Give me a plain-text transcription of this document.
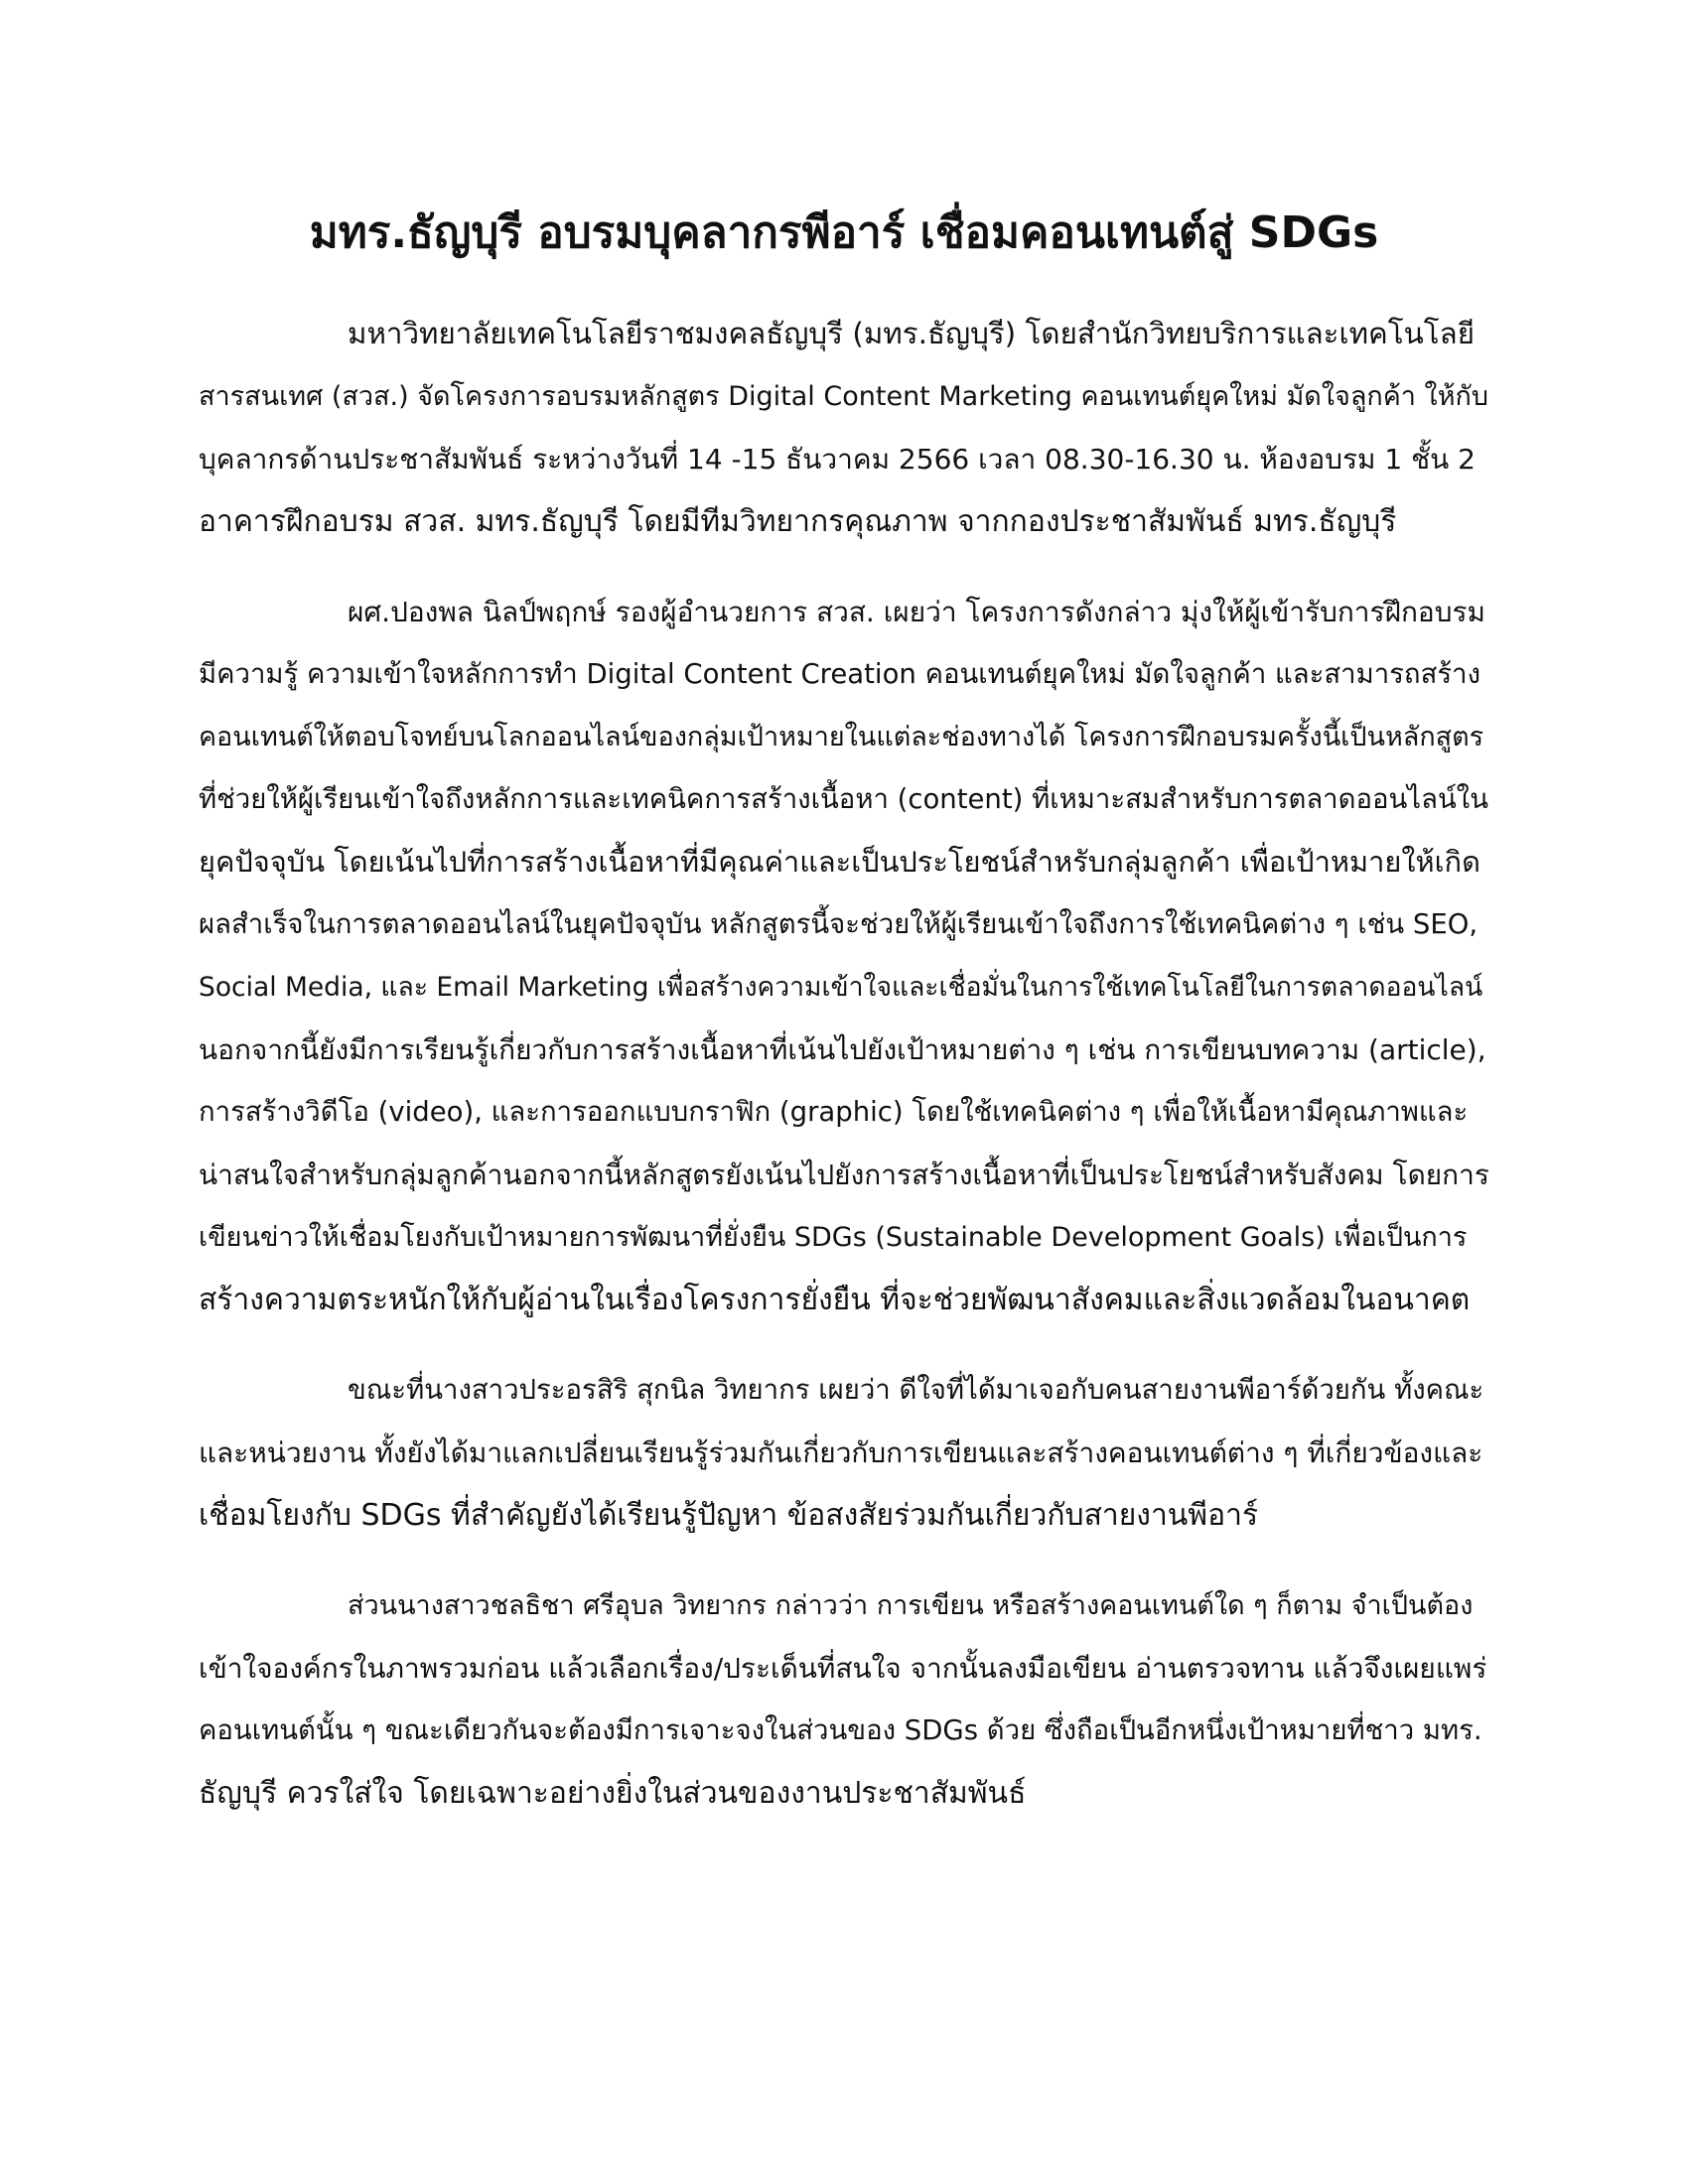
มทร.ธัญบุรี อบรมบุคลากรพีอาร์ เชื่อมคอนเทนต์สู่ SDGs
มหาวิทยาลัยเทคโนโลยีราชมงคลธัญบุรี (มทร.ธัญบุรี) โดยสำนักวิทยบริการและเทคโนโลยี
สารสนเทศ (สวส.) จัดโครงการอบรมหลักสูตร Digital Content Marketing คอนเทนต์ยุคใหม่ มัดใจลูกค้า ให้กับ
บุคลากรด้านประชาสัมพันธ์ ระหว่างวันที่ 14 -15 ธันวาคม 2566 เวลา 08.30-16.30 น. ห้องอบรม 1 ชั้น 2
อาคารฝึกอบรม สวส. มทร.ธัญบุรี โดยมีทีมวิทยากรคุณภาพ จากกองประชาสัมพันธ์ มทร.ธัญบุรี
ผศ.ปองพล นิลป์พฤกษ์ รองผู้อำนวยการ สวส. เผยว่า โครงการดังกล่าว มุ่งให้ผู้เข้ารับการฝึกอบรม
มีความรู้ ความเข้าใจหลักการทำ Digital Content Creation คอนเทนต์ยุคใหม่ มัดใจลูกค้า และสามารถสร้าง
คอนเทนต์ให้ตอบโจทย์บนโลกออนไลน์ของกลุ่มเป้าหมายในแต่ละช่องทางได้ โครงการฝึกอบรมครั้งนี้เป็นหลักสูตร
ที่ช่วยให้ผู้เรียนเข้าใจถึงหลักการและเทคนิคการสร้างเนื้อหา (content) ที่เหมาะสมสำหรับการตลาดออนไลน์ใน
ยุคปัจจุบัน โดยเน้นไปที่การสร้างเนื้อหาที่มีคุณค่าและเป็นประโยชน์สำหรับกลุ่มลูกค้า เพื่อเป้าหมายให้เกิด
ผลสำเร็จในการตลาดออนไลน์ในยุคปัจจุบัน หลักสูตรนี้จะช่วยให้ผู้เรียนเข้าใจถึงการใช้เทคนิคต่าง ๆ เช่น SEO,
Social Media, และ Email Marketing เพื่อสร้างความเข้าใจและเชื่อมั่นในการใช้เทคโนโลยีในการตลาดออนไลน์
นอกจากนี้ยังมีการเรียนรู้เกี่ยวกับการสร้างเนื้อหาที่เน้นไปยังเป้าหมายต่าง ๆ เช่น การเขียนบทความ (article),
การสร้างวิดีโอ (video), และการออกแบบกราฟิก (graphic) โดยใช้เทคนิคต่าง ๆ เพื่อให้เนื้อหามีคุณภาพและ
น่าสนใจสำหรับกลุ่มลูกค้านอกจากนี้หลักสูตรยังเน้นไปยังการสร้างเนื้อหาที่เป็นประโยชน์สำหรับสังคม โดยการ
เขียนข่าวให้เชื่อมโยงกับเป้าหมายการพัฒนาที่ยั่งยืน SDGs (Sustainable Development Goals) เพื่อเป็นการ
สร้างความตระหนักให้กับผู้อ่านในเรื่องโครงการยั่งยืน ที่จะช่วยพัฒนาสังคมและสิ่งแวดล้อมในอนาคต
ขณะที่นางสาวประอรสิริ สุกนิล วิทยากร เผยว่า ดีใจที่ได้มาเจอกับคนสายงานพีอาร์ด้วยกัน ทั้งคณะ
และหน่วยงาน ทั้งยังได้มาแลกเปลี่ยนเรียนรู้ร่วมกันเกี่ยวกับการเขียนและสร้างคอนเทนต์ต่าง ๆ ที่เกี่ยวข้องและ
เชื่อมโยงกับ SDGs ที่สำคัญยังได้เรียนรู้ปัญหา ข้อสงสัยร่วมกันเกี่ยวกับสายงานพีอาร์
ส่วนนางสาวชลธิชา ศรีอุบล วิทยากร กล่าวว่า การเขียน หรือสร้างคอนเทนต์ใด ๆ ก็ตาม จำเป็นต้อง
เข้าใจองค์กรในภาพรวมก่อน แล้วเลือกเรื่อง/ประเด็นที่สนใจ จากนั้นลงมือเขียน อ่านตรวจทาน แล้วจึงเผยแพร่
คอนเทนต์นั้น ๆ ขณะเดียวกันจะต้องมีการเจาะจงในส่วนของ SDGs ด้วย ซึ่งถือเป็นอีกหนึ่งเป้าหมายที่ชาว มทร.
ธัญบุรี ควรใส่ใจ โดยเฉพาะอย่างยิ่งในส่วนของงานประชาสัมพันธ์
